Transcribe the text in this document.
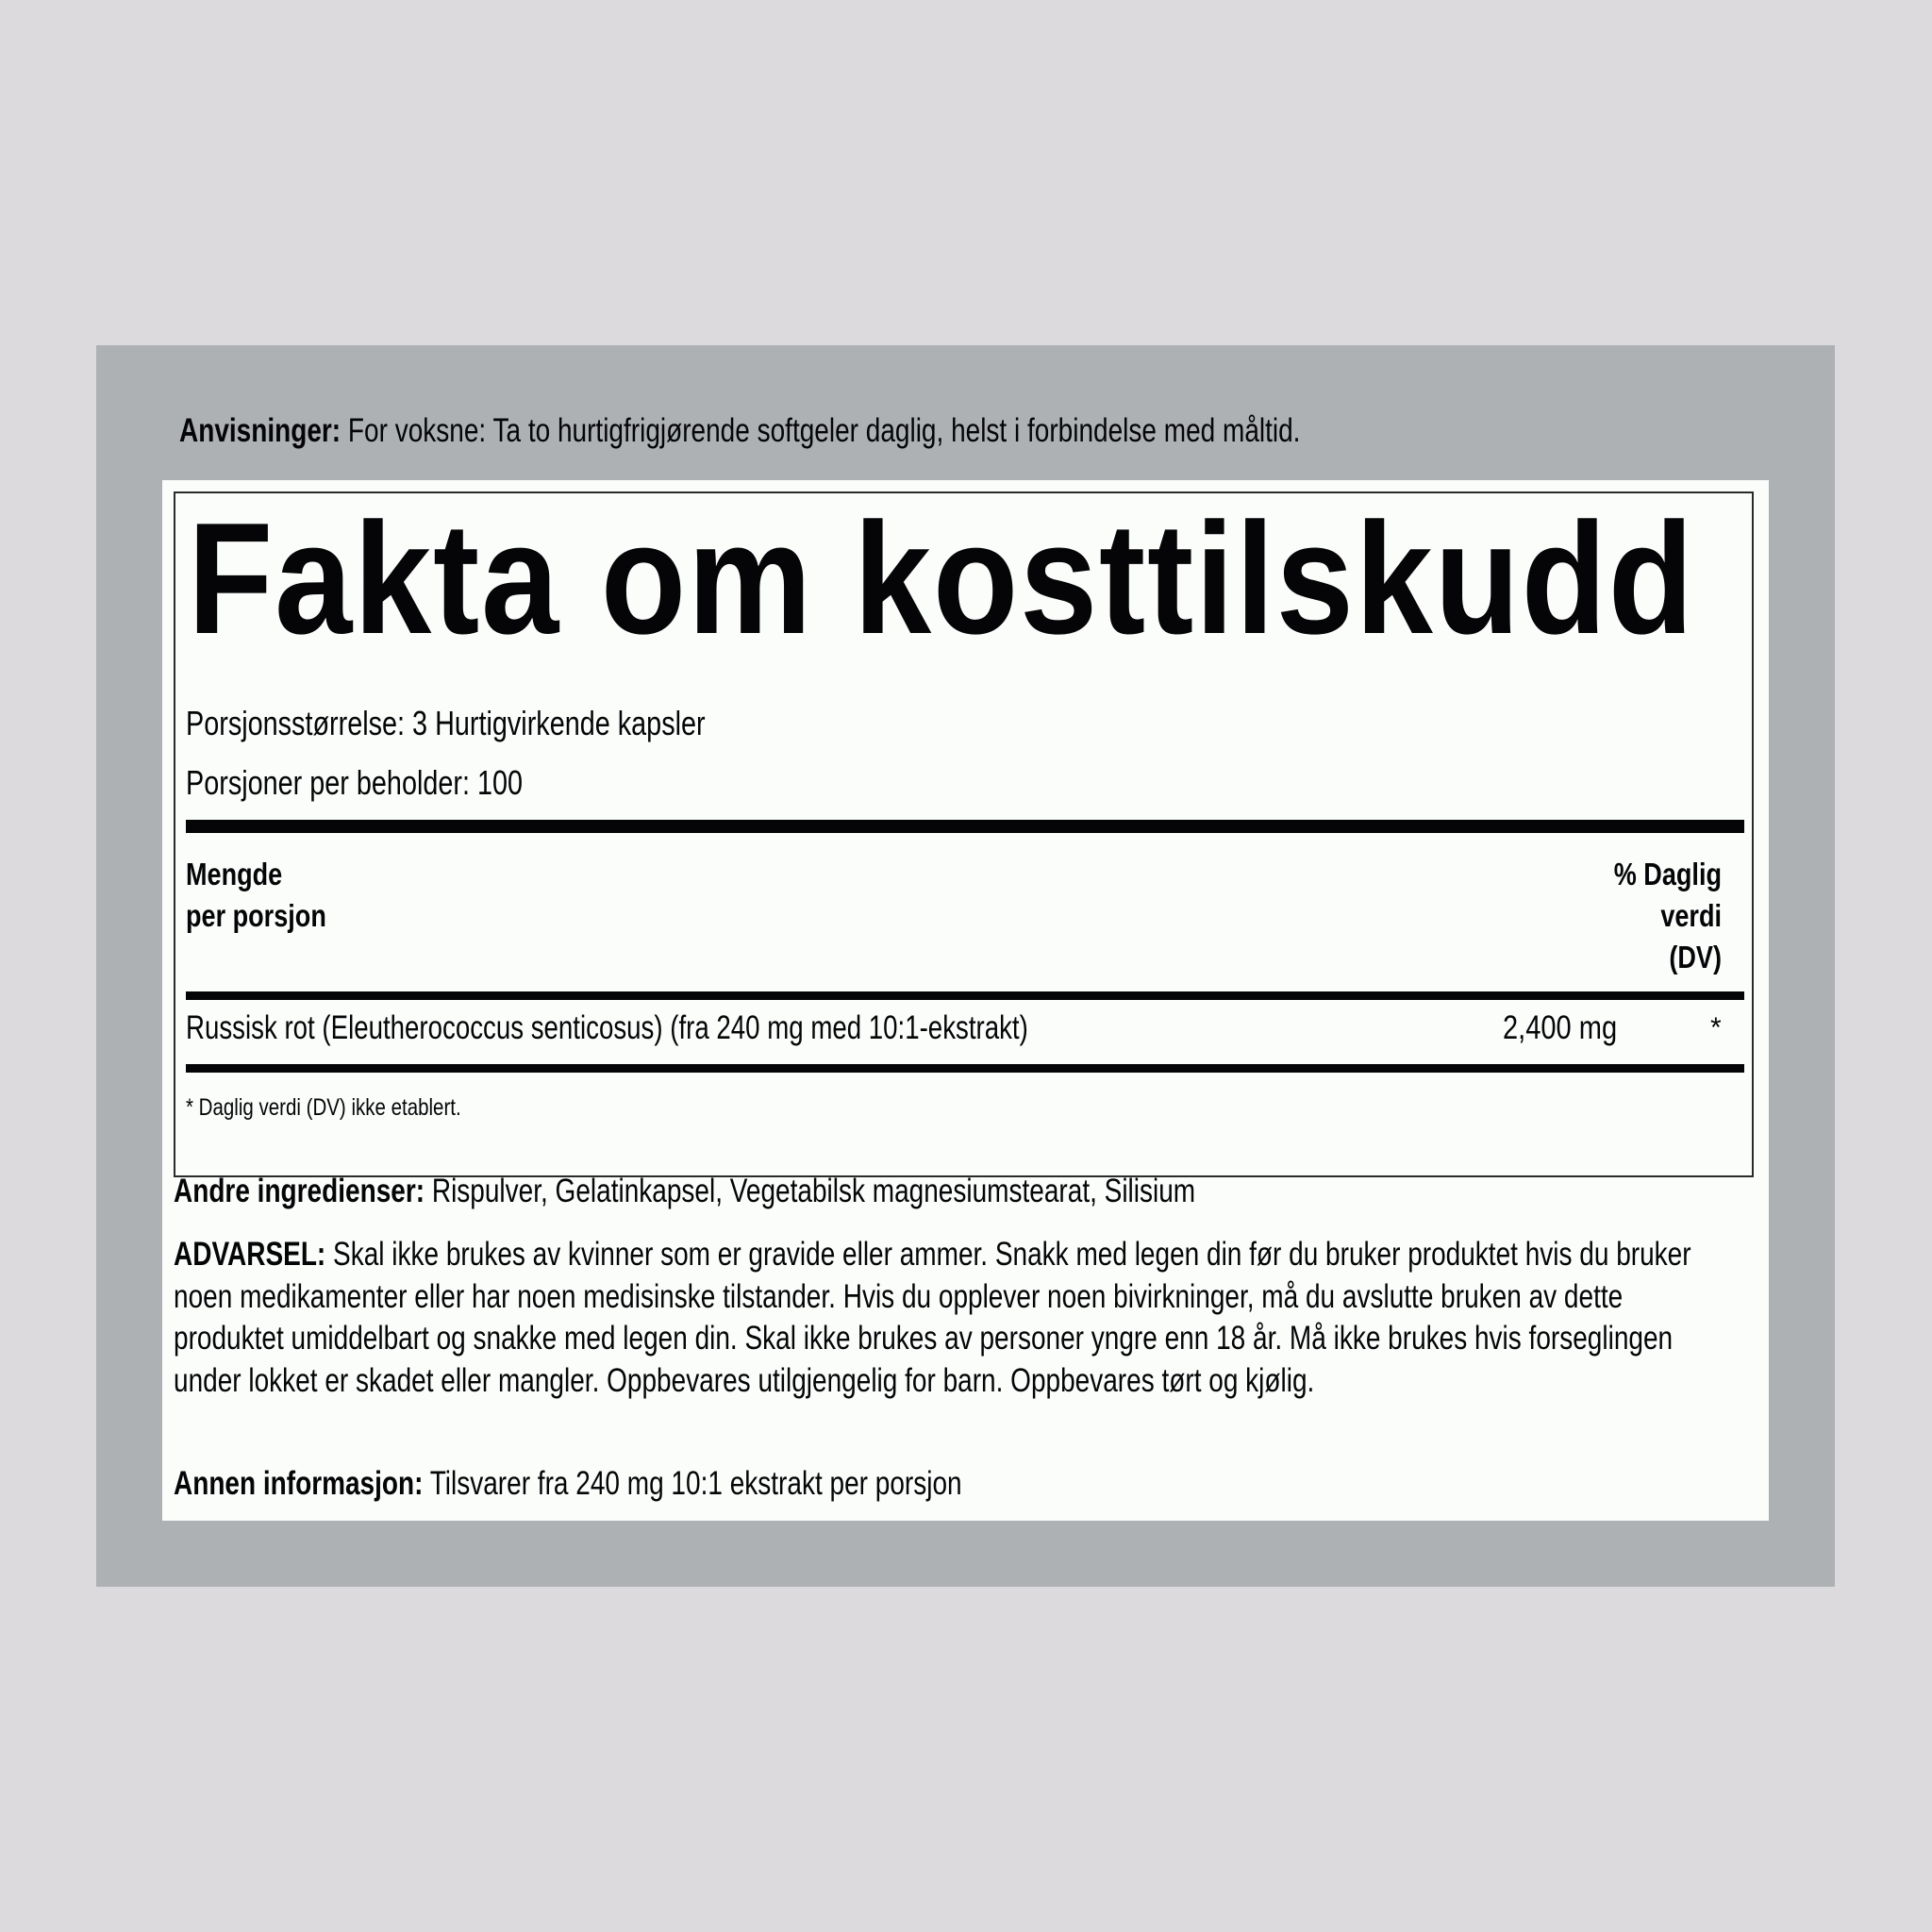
Anvisninger: For voksne: Ta to hurtigfrigjørende softgeler daglig, helst i forbindelse med måltid.
Fakta om kosttilskudd
Porsjonsstørrelse: 3 Hurtigvirkende kapsler
Porsjoner per beholder: 100
Mengde
per porsjon
% Daglig
verdi
(DV)
Russisk rot (Eleutherococcus senticosus) (fra 240 mg med 10:1-ekstrakt)	2,400 mg	*
* Daglig verdi (DV) ikke etablert.
Andre ingredienser: Rispulver, Gelatinkapsel, Vegetabilsk magnesiumstearat, Silisium
ADVARSEL: Skal ikke brukes av kvinner som er gravide eller ammer. Snakk med legen din før du bruker produktet hvis du bruker noen medikamenter eller har noen medisinske tilstander. Hvis du opplever noen bivirkninger, må du avslutte bruken av dette produktet umiddelbart og snakke med legen din. Skal ikke brukes av personer yngre enn 18 år. Må ikke brukes hvis forseglingen under lokket er skadet eller mangler. Oppbevares utilgjengelig for barn. Oppbevares tørt og kjølig.
Annen informasjon: Tilsvarer fra 240 mg 10:1 ekstrakt per porsjon
